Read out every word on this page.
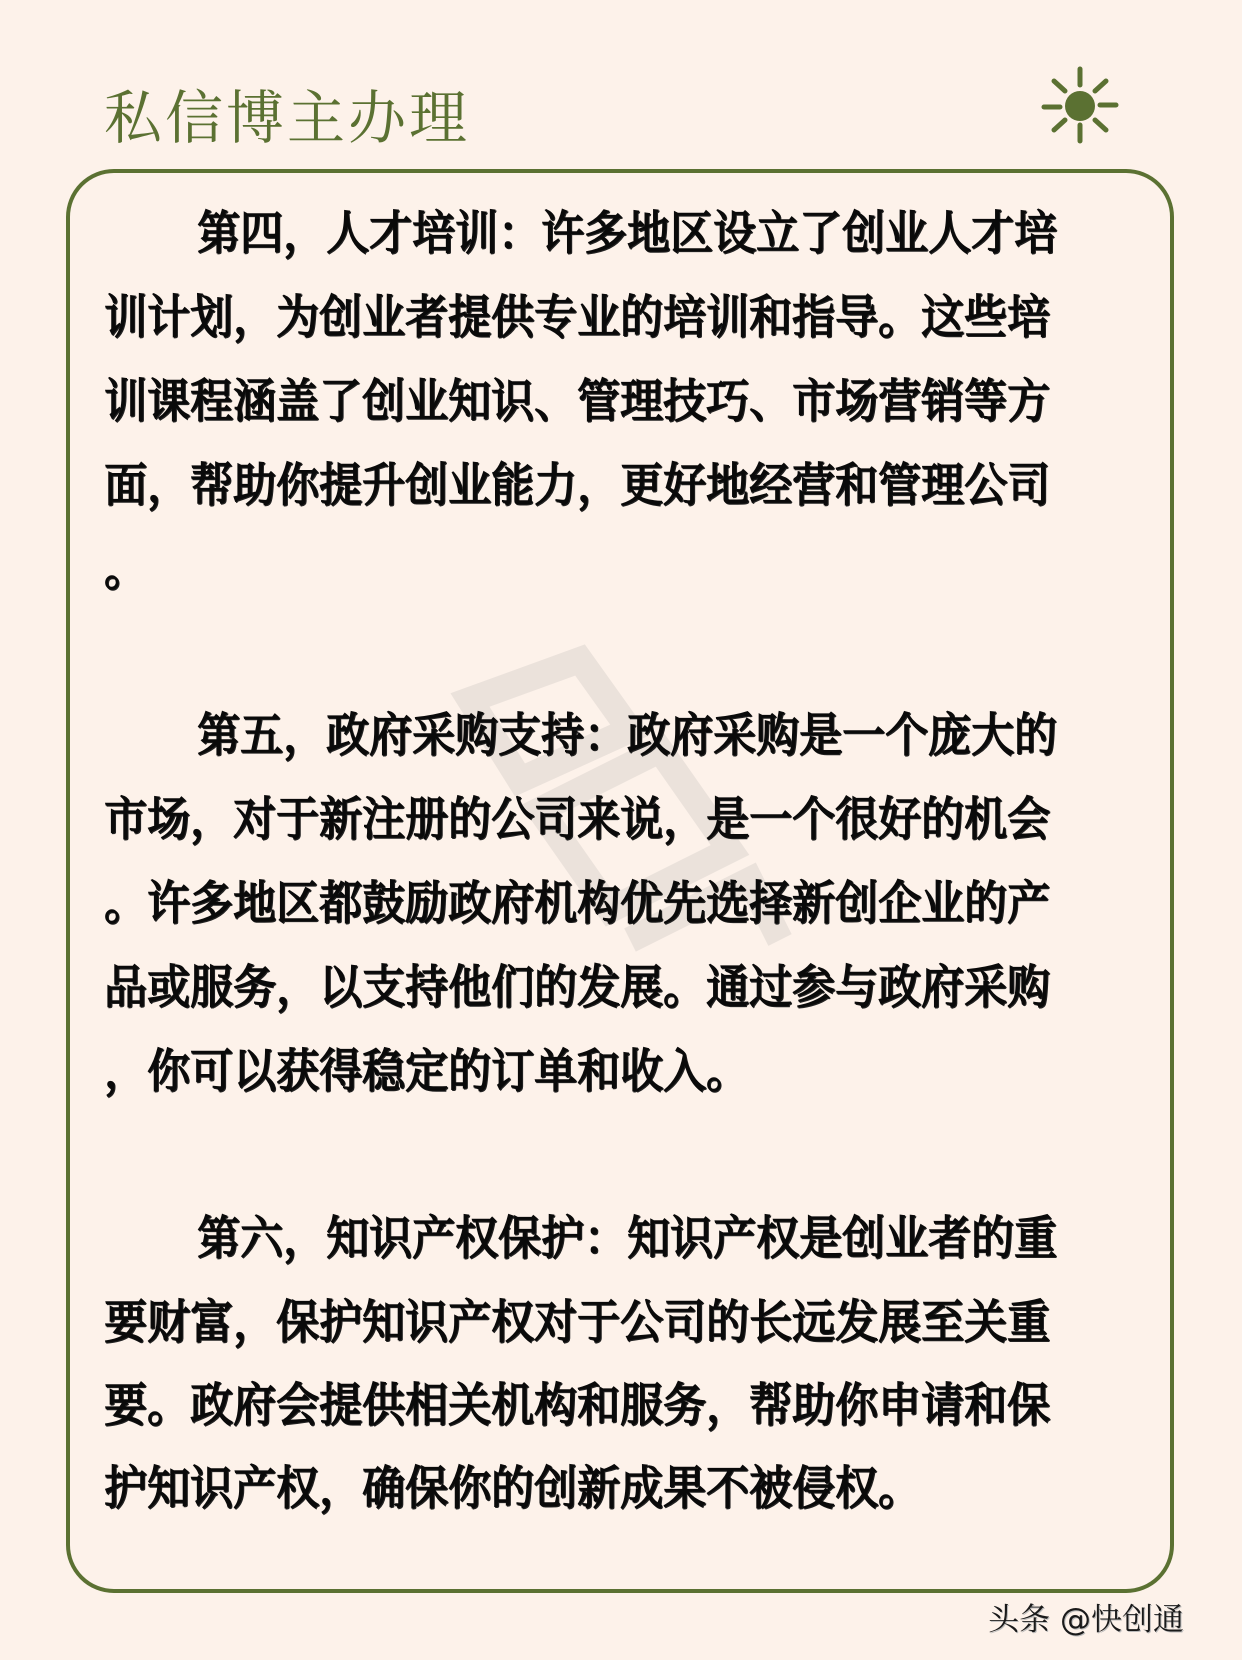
私信博主办理
第四，人才培训：许多地区设立了创业人才培
训计划，为创业者提供专业的培训和指导。这些培
训课程涵盖了创业知识、管理技巧、市场营销等方
面，帮助你提升创业能力，更好地经营和管理公司
。
第五，政府采购支持：政府采购是一个庞大的
市场，对于新注册的公司来说，是一个很好的机会
。许多地区都鼓励政府机构优先选择新创企业的产
品或服务，以支持他们的发展。通过参与政府采购
，你可以获得稳定的订单和收入。
第六，知识产权保护：知识产权是创业者的重
要财富，保护知识产权对于公司的长远发展至关重
要。政府会提供相关机构和服务，帮助你申请和保
护知识产权，确保你的创新成果不被侵权。
头条 @快创通
